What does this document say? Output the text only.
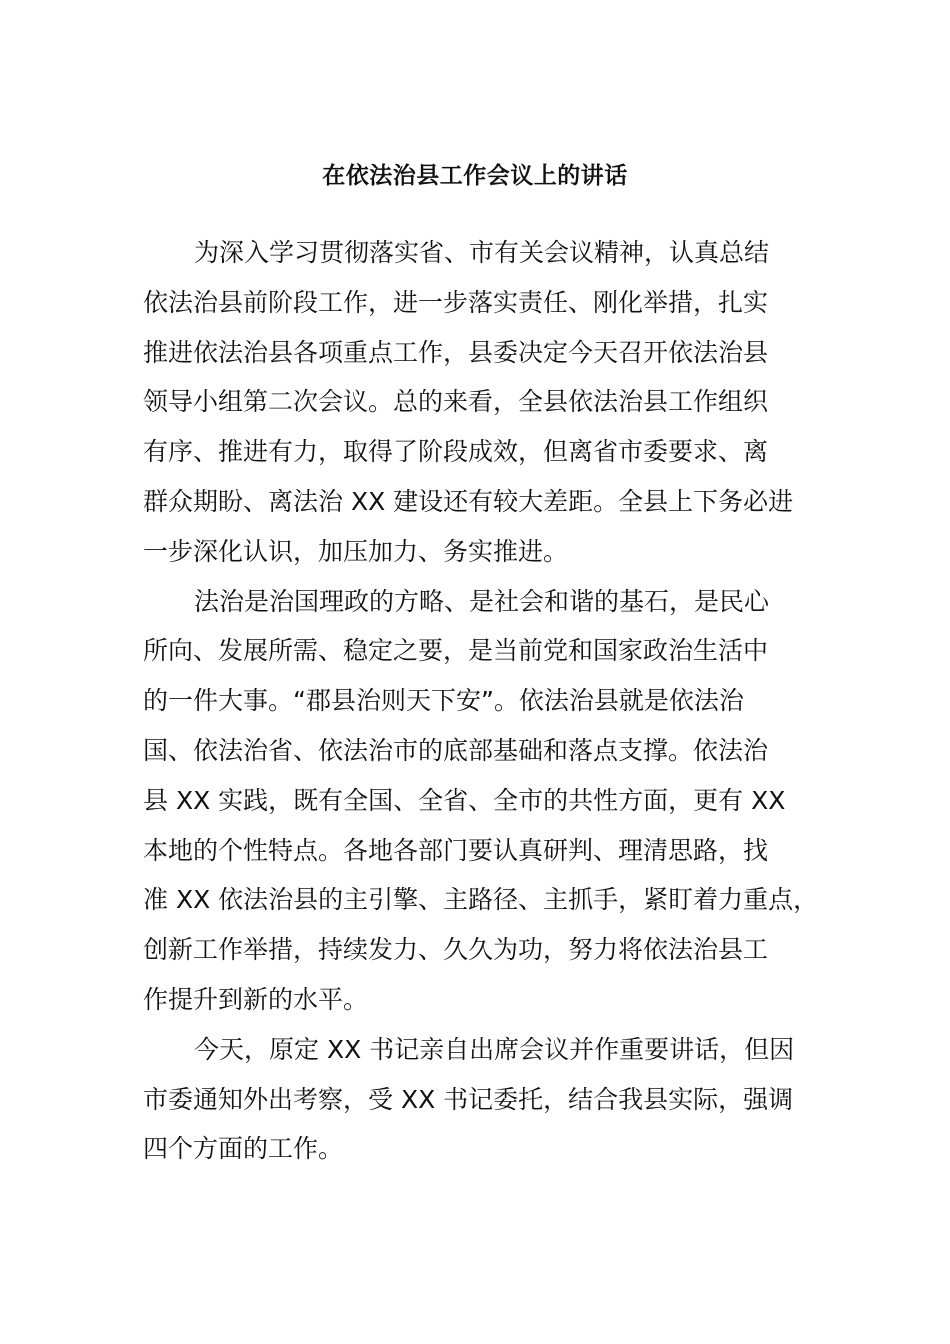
在依法治县工作会议上的讲话
为深入学习贯彻落实省、市有关会议精神，认真总结
依法治县前阶段工作，进一步落实责任、刚化举措，扎实
推进依法治县各项重点工作，县委决定今天召开依法治县
领导小组第二次会议。总的来看，全县依法治县工作组织
有序、推进有力，取得了阶段成效，但离省市委要求、离
群众期盼、离法治 XX 建设还有较大差距。全县上下务必进
一步深化认识，加压加力、务实推进。
法治是治国理政的方略、是社会和谐的基石，是民心
所向、发展所需、稳定之要，是当前党和国家政治生活中
的一件大事。“郡县治则天下安”。依法治县就是依法治
国、依法治省、依法治市的底部基础和落点支撑。依法治
县 XX 实践，既有全国、全省、全市的共性方面，更有 XX
本地的个性特点。各地各部门要认真研判、理清思路，找
准 XX 依法治县的主引擎、主路径、主抓手，紧盯着力重点，
创新工作举措，持续发力、久久为功，努力将依法治县工
作提升到新的水平。
今天，原定 XX 书记亲自出席会议并作重要讲话，但因
市委通知外出考察，受 XX 书记委托，结合我县实际，强调
四个方面的工作。
